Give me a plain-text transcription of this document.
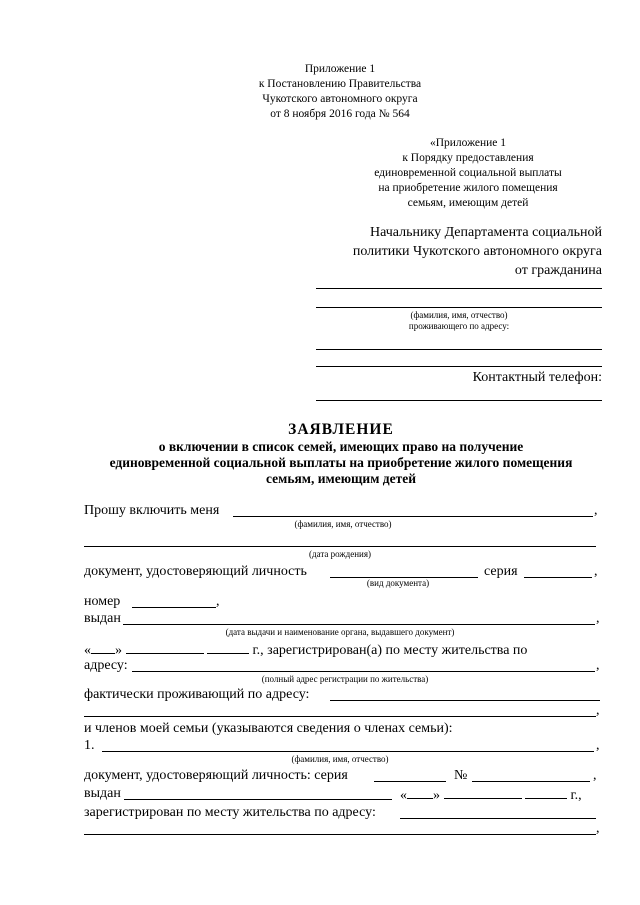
Приложение 1
к Постановлению Правительства
Чукотского автономного округа
от 8 ноября 2016 года № 564
«Приложение 1
к Порядку предоставления
единовременной социальной выплаты
на приобретение жилого помещения
семьям, имеющим детей
Начальнику Департамента социальной
политики Чукотского автономного округа
от гражданина
(фамилия, имя, отчество)
проживающего по адресу:
Контактный телефон:
ЗАЯВЛЕНИЕ
о включении в список семей, имеющих право на получение
единовременной социальной выплаты на приобретение жилого помещения
семьям, имеющим детей
Прошу включить меня	,
(фамилия, имя, отчество)
(дата рождения)
документ, удостоверяющий личность	серия	,
(вид документа)
номер	,
выдан	,
(дата выдачи и наименование органа, выдавшего документ)
« »	г., зарегистрирован(а) по месту жительства по
адресу:	,
(полный адрес регистрации по жительства)
фактически проживающий по адресу:
,
и членов моей семьи (указываются сведения о членах семьи):
1.	,
(фамилия, имя, отчество)
документ, удостоверяющий личность: серия	№	,
выдан	« »	г.,
зарегистрирован по месту жительства по адресу:
,
